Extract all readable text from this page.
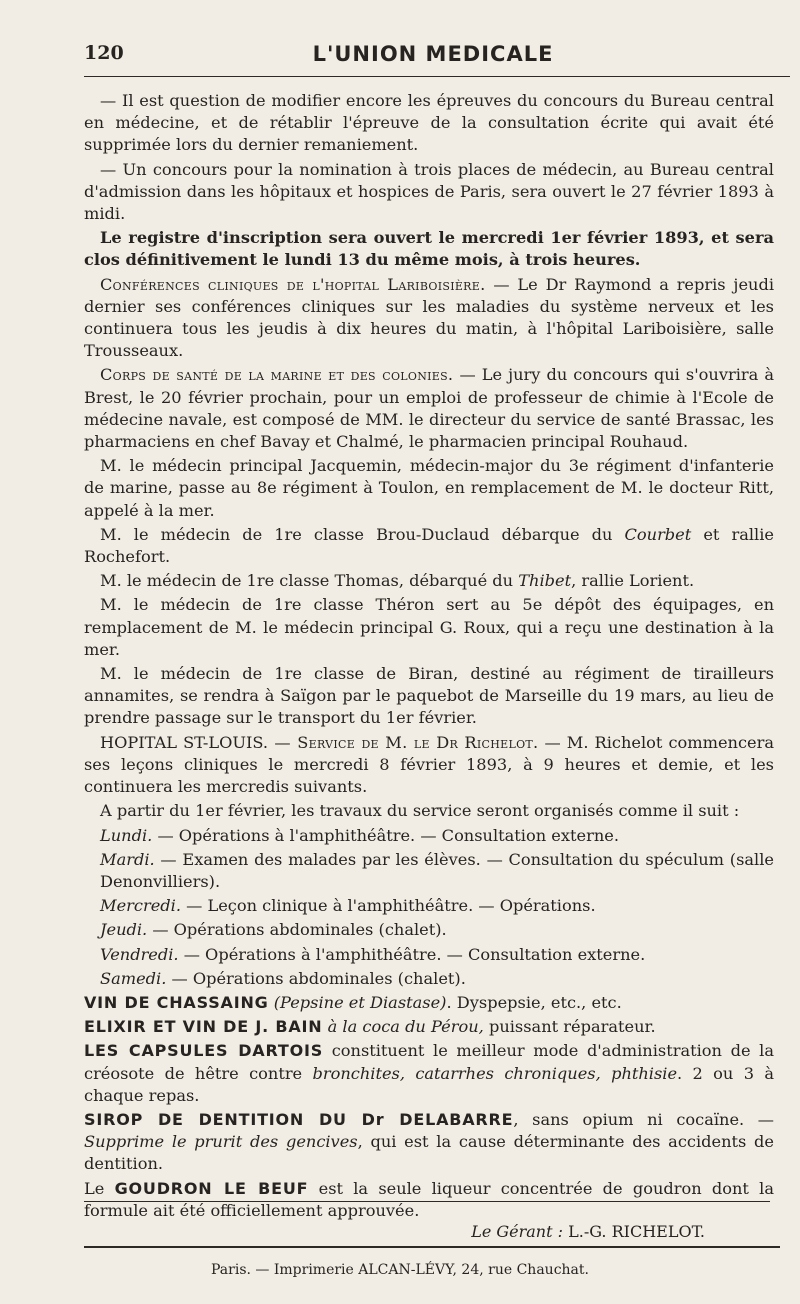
120	L'UNION MEDICALE

— Il est question de modifier encore les épreuves du concours du Bureau central en médecine, et de rétablir l'épreuve de la consultation écrite qui avait été supprimée lors du dernier remaniement.

— Un concours pour la nomination à trois places de médecin, au Bureau central d'admission dans les hôpitaux et hospices de Paris, sera ouvert le 27 février 1893 à midi.

Le registre d'inscription sera ouvert le mercredi 1er février 1893, et sera clos définitivement le lundi 13 du même mois, à trois heures.

Conférences cliniques de l'hopital Lariboisière. — Le Dr Raymond a repris jeudi dernier ses conférences cliniques sur les maladies du système nerveux et les continuera tous les jeudis à dix heures du matin, à l'hôpital Lariboisière, salle Trousseaux.

Corps de santé de la marine et des colonies. — Le jury du concours qui s'ouvrira à Brest, le 20 février prochain, pour un emploi de professeur de chimie à l'Ecole de médecine navale, est composé de MM. le directeur du service de santé Brassac, les pharmaciens en chef Bavay et Chalmé, le pharmacien principal Rouhaud.

M. le médecin principal Jacquemin, médecin-major du 3e régiment d'infanterie de marine, passe au 8e régiment à Toulon, en remplacement de M. le docteur Ritt, appelé à la mer.

M. le médecin de 1re classe Brou-Duclaud débarque du Courbet et rallie Rochefort.

M. le médecin de 1re classe Thomas, débarqué du Thibet, rallie Lorient.

M. le médecin de 1re classe Théron sert au 5e dépôt des équipages, en remplacement de M. le médecin principal G. Roux, qui a reçu une destination à la mer.

M. le médecin de 1re classe de Biran, destiné au régiment de tirailleurs annamites, se rendra à Saïgon par le paquebot de Marseille du 19 mars, au lieu de prendre passage sur le transport du 1er février.

HOPITAL ST-LOUIS. — Service de M. le Dr Richelot. — M. Richelot commencera ses leçons cliniques le mercredi 8 février 1893, à 9 heures et demie, et les continuera les mercredis suivants.

A partir du 1er février, les travaux du service seront organisés comme il suit :

Lundi. — Opérations à l'amphithéâtre. — Consultation externe.

Mardi. — Examen des malades par les élèves. — Consultation du spéculum (salle Denonvilliers).

Mercredi. — Leçon clinique à l'amphithéâtre. — Opérations.

Jeudi. — Opérations abdominales (chalet).

Vendredi. — Opérations à l'amphithéâtre. — Consultation externe.

Samedi. — Opérations abdominales (chalet).

VIN DE CHASSAING (Pepsine et Diastase). Dyspepsie, etc., etc.

ELIXIR ET VIN DE J. BAIN à la coca du Pérou, puissant réparateur.

LES CAPSULES DARTOIS constituent le meilleur mode d'administration de la créosote de hêtre contre bronchites, catarrhes chroniques, phthisie. 2 ou 3 à chaque repas.

SIROP DE DENTITION DU Dr DELABARRE, sans opium ni cocaïne. — Supprime le prurit des gencives, qui est la cause déterminante des accidents de dentition.

Le GOUDRON LE BEUF est la seule liqueur concentrée de goudron dont la formule ait été officiellement approuvée.

Le Gérant : L.-G. RICHELOT.
Paris. — Imprimerie ALCAN-LÉVY, 24, rue Chauchat.
